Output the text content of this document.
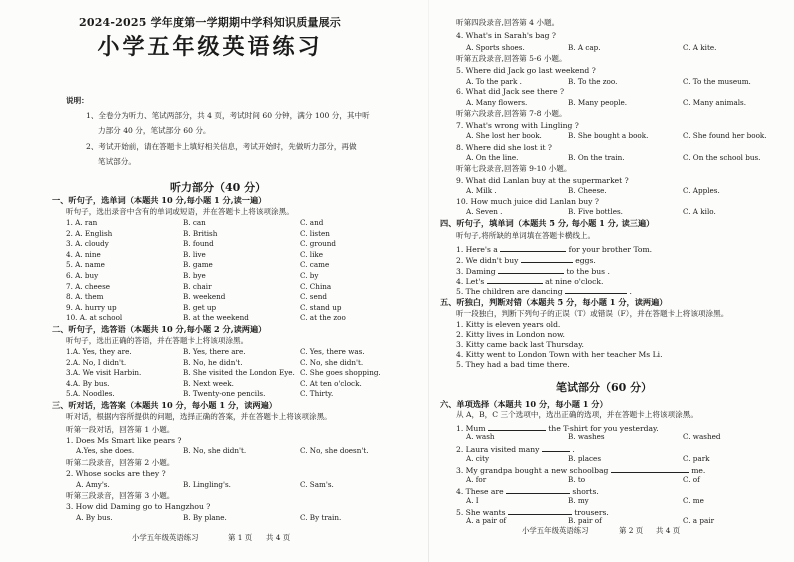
2024-2025 学年度第一学期期中学科知识质量展示
小学五年级英语练习
说明：
1、全卷分为听力、笔试两部分，共 4 页，考试时间 60 分钟，满分 100 分，其中听
力部分 40 分，笔试部分 60 分。
2、考试开始前，请在答题卡上填好相关信息，考试开始时，先做听力部分，再做
笔试部分。
听力部分（40 分）
一、听句子，选单词（本题共 10 分,每小题 1 分,读一遍）
听句子，选出录音中含有的单词或短语，并在答题卡上将该项涂黑。
1. A. ran	B. can	C. and
2. A. English	B. British	C. listen
3. A. cloudy	B. found	C. ground
4. A. nine	B. live	C. like
5. A. name	B. game	C. came
6. A. buy	B. bye	C. by
7. A. cheese	B. chair	C. China
8. A. them	B. weekend	C. send
9. A. hurry up	B. get up	C. stand up
10. A. at school	B. at the weekend	C. at the zoo
二、听句子，选答语（本题共 10 分,每小题 2 分,读两遍）
听句子，选出正确的答语，并在答题卡上将该项涂黑。
1.A. Yes, they are.	B. Yes, there are.	C. Yes, there was.
2.A. No, I didn't.	B. No, he didn't.	C. No, she didn't.
3.A. We visit Harbin.	B. She visited the London Eye. C. She goes shopping.
4.A. By bus.	B. Next week.	C. At ten o'clock.
5.A. Noodles.	B. Twenty-one pencils.	C. Thirty.
三、听对话，选答案（本题共 10 分，每小题 1 分，读两遍）
听对话，根据内容所提供的问题，选择正确的答案，并在答题卡上将该项涂黑。
听第一段对话，回答第 1 小题。
1. Does Ms Smart like pears ?
A.Yes, she does.	B. No, she didn't.	C. No, she doesn't.
听第二段录音，回答第 2 小题。
2. Whose socks are they ?
A. Amy's.	B. Lingling's.	C. Sam's.
听第三段录音，回答第 3 小题。
3. How did Daming go to Hangzhou ?
A. By bus.	B. By plane.	C. By train.
小学五年级英语练习	第 1 页 共 4 页
听第四段录音,回答第 4 小题。
4. What's in Sarah's bag ?
A. Sports shoes.	B. A cap.	C. A kite.
听第五段录音,回答第 5-6 小题。
5. Where did Jack go last weekend ?
A. To the park .	B. To the zoo.	C. To the museum.
6. What did Jack see there ?
A. Many flowers.	B. Many people.	C. Many animals.
听第六段录音,回答第 7-8 小题。
7. What's wrong with Lingling ?
A. She lost her book.	B. She bought a book.	C. She found her book.
8. Where did she lost it ?
A. On the line.	B. On the train.	C. On the school bus.
听第七段录音,回答第 9-10 小题。
9. What did Lanlan buy at the supermarket ?
A. Milk .	B. Cheese.	C. Apples.
10. How much juice did Lanlan buy ?
A. Seven .	B. Five bottles.	C. A kilo.
四、听句子，填单词（本题共 5 分, 每小题 1 分, 读三遍）
听句子,将所缺的单词填在答题卡横线上。
1. Here's a	for your brother Tom.
2. We didn't buy	eggs.
3. Daming	to the bus .
4. Let's	at nine o'clock.
5. The children are dancing	.
五、听独白，判断对错（本题共 5 分，每小题 1 分，读两遍）
听一段独白，判断下列句子的正误（T）或错误（F），并在答题卡上将该项涂黑。
1. Kitty is eleven years old.
2. Kitty lives in London now.
3. Kitty came back last Thursday.
4. Kitty went to London Town with her teacher Ms Li.
5. They had a bad time there.
笔试部分（60 分）
六、单项选择（本题共 10 分，每小题 1 分）
从 A，B，C 三个选项中，选出正确的选项，并在答题卡上将该项涂黑。
1. Mum	the T-shirt for you yesterday.
A. wash	B. washes	C. washed
2. Laura visited many	.
A. city	B. places	C. park
3. My grandpa bought a new schoolbag	me.
A. for	B. to	C. of
4. These are	shorts.
A. I	B. my	C. me
5. She wants	trousers.
A. a pair of	B. pair of	C. a pair
小学五年级英语练习	第 2 页 共 4 页
